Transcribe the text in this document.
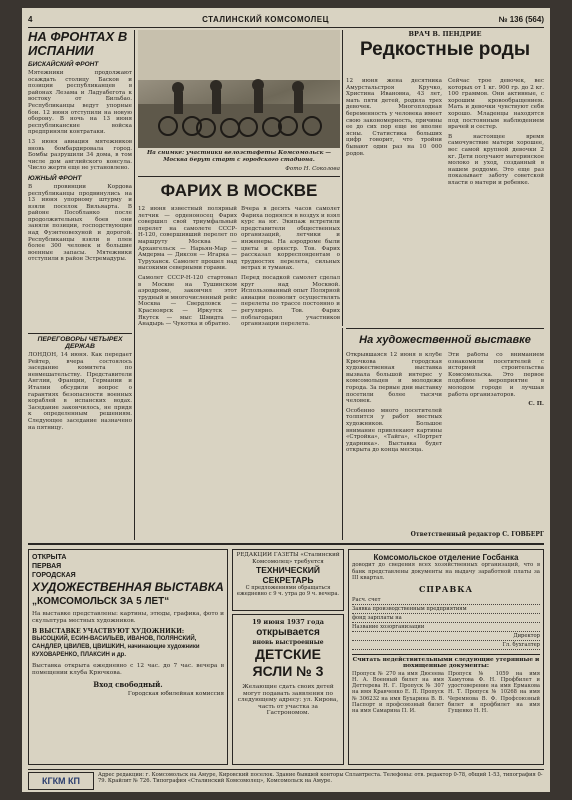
4	СТАЛИНСКИЙ КОМСОМОЛЕЦ	№ 136 (564)
НА ФРОНТАХ В ИСПАНИИ
БИСКАЙСКИЙ ФРОНТ
Мятежники продолжают осаждать столицу Басков и позиции республиканцев в районах Лезама и Ладуабегота к востоку от Бильбао. Республиканцы ведут упорные бои. 12 июня отступили на новую оборону. В ночь на 13 июня республиканские войска предприняли контратаки.
13 июня авиация мятежников вновь бомбардировала город. Бомбы разрушили 34 дома, в том числе дом английского консула. Число жертв еще не установлено.
ЮЖНЫЙ ФРОНТ
В провинции Кордова республиканцы продвинулись на 13 июня упорному штурму и взяли поселок Вильяарта. В районе Пособланко после продолжительных боев они заняли позиции, господствующие над Фуэнтеовехуной и дорогой. Республиканцы взяли в плен более 300 человек и большие военные запасы. Мятежники отступили в район Эстремадуры.
ПЕРЕГОВОРЫ ЧЕТЫРЕХ ДЕРЖАВ
ЛОНДОН, 14 июня. Как передает Рейтер, вчера состоялось заседание комитета по невмешательству. Представители Англии, Франции, Германии и Италии обсудили вопрос о гарантиях безопасности военных кораблей в испанских водах. Заседание закончилось, не придя к определенным решениям. Следующее заседание назначено на пятницу.
На снимке: участники велоэстафеты Комсомольск — Москва берут старт с городского стадиона.
Фото Н. Соколова
ВРАЧ В. ПЕНДРИЕ
Редкостные роды
12 июня жена десятника Амурстальстроя Кручко, Христина Ивановна, 43 лет, мать пяти детей, родила трех девочек. Многоплодная беременность у человека имеет свою закономерность, причины ее до сих пор еще не вполне ясны. Статистика больших цифр говорит, что тройни бывают один раз на 10 000 родов.
Сейчас трое девочек, вес которых от 1 кг. 900 гр. до 2 кг. 100 граммов. Они активные, с хорошим кровообращением. Мать и девочки чувствуют себя хорошо. Младенцы находятся под постоянным наблюдением врачей и сестер.
В настоящее время самочувствие матери хорошее, вес самой крупной девочки 2 кг. Дети получают материнское молоко и уход, созданный в нашем роддоме. Это еще раз показывает заботу советской власти о матери и ребенке.
ФАРИХ В МОСКВЕ
12 июня известный полярный летчик — орденоносец Фарих совершил свой триумфальный перелет на самолете СССР-Н-120, совершивший перелет по маршруту Москва — Архангельск — Нарьян-Мар — Амдерма — Диксон — Игарка — Туруханск. Самолет прошел над высокими северными горами.
Самолет СССР-Н-120 стартовал в Москве на Тушинском аэродроме, закончил этот трудный и многочисленный рейс Москва — Свердловск — Красноярск — Иркутск — Якутск — мыс Шмидта — Анадырь — Чукотка и обратно.
Вчера в десять часов самолет Фариха поднялся в воздух и взял курс на юг. Экипаж встретили представители общественных организаций, летчики и инженеры. На аэродроме были цветы и оркестр. Тов. Фарих рассказал корреспондентам о трудностях перелета, сильных ветрах и туманах.
Перед посадкой самолет сделал круг над Москвой. Использованный опыт Полярной авиации позволит осуществлять перелеты по трассе постоянно и регулярно. Тов. Фарих поблагодарил участников организации перелета.
На художественной выставке
Открывшаяся 12 июня в клубе Крючкова городская художественная выставка вызвала большой интерес у комсомольцев и молодежи города. За первые дни выставку посетили более тысячи человек.
Особенно много посетителей толпится у работ местных художников. Большое внимание привлекают картины «Стройка», «Тайга», «Портрет ударника». Выставка будет открыта до конца месяца.
Эти работы со вниманием ознакомили посетителей с историей строительства Комсомольска. Это первое подобное мероприятие в молодом городе и лучшая работа организаторов.
С. П.
Ответственный редактор С. ГОВБЕРГ
ОТКРЫТА
ПЕРВАЯ
ГОРОДСКАЯ
ХУДОЖЕСТВЕННАЯ ВЫСТАВКА
„КОМСОМОЛЬСК ЗА 5 ЛЕТ“
На выставке представлены: картины, этюды, графика, фото и скульптура местных художников.
В ВЫСТАВКЕ УЧАСТВУЮТ ХУДОЖНИКИ:
ВЫСОЦКИЙ, ЕСИН-ВАСИЛЬЕВ, ИВАНОВ, ПОЛЯНСКИЙ, САНДЛЕР, ЦВИЛЕВ, ЦВИШКИН, начинающие художники КУХОВАРЕНКО, ПЛАКСИН и др.
Выставка открыта ежедневно с 12 час. до 7 час. вечера в помещении клуба Крючкова.
Вход свободный.
Городская юбилейная комиссия
РЕДАКЦИИ ГАЗЕТЫ «Сталинский Комсомолец» требуется
ТЕХНИЧЕСКИЙ СЕКРЕТАРЬ
С предложениями обращаться ежедневно с 9 ч. утра до 9 ч. вечера.
19 июня 1937 года
открывается
вновь выстроенные
ДЕТСКИЕ ЯСЛИ № 3
Желающие сдать своих детей могут подавать заявления по следующему адресу: ул. Кирова, часть от участка за Гастрономом.
Комсомольское отделение Госбанка
доводит до сведения всех хозяйственных организаций, что в банк представлены документы на выдачу заработной платы за III квартал.
СПРАВКА
Расч. счет
Заявка производственным предприятиям
фонд зарплаты на
Название хозорганизации
Директор
Гл. бухгалтер
Считать недействительными следующие утерянные и похищенные документы:
Пропуск № 270 на имя Дюсеева Н. А. Военный билет на имя Деттерева Н. Г. Пропуск № 307 на имя Кравченко Е. П. Пропуск № 306232 на имя Бухарина В. В. Паспорт и профсоюзный билет на имя Самарина П. И.
Пропуск № 1059 на имя Хамутова Ф. Н. Профбилет и удостоверение на имя Ермакова Н. Т. Пропуск № 10268 на имя Черемнова В. Ф. Профсоюзный билет и профбилет на имя Гущенко Н. Н.
КГКМ КП
Адрес редакции: г. Комсомольск на Амуре, Кировский поселок. Здание бывшей конторы Сплавтреста. Телефоны: отв. редактор 0-78, общий 1-53, типография 0-79. Крайлит № 726. Типография «Сталинский Комсомолец», Комсомольск на Амуре.
